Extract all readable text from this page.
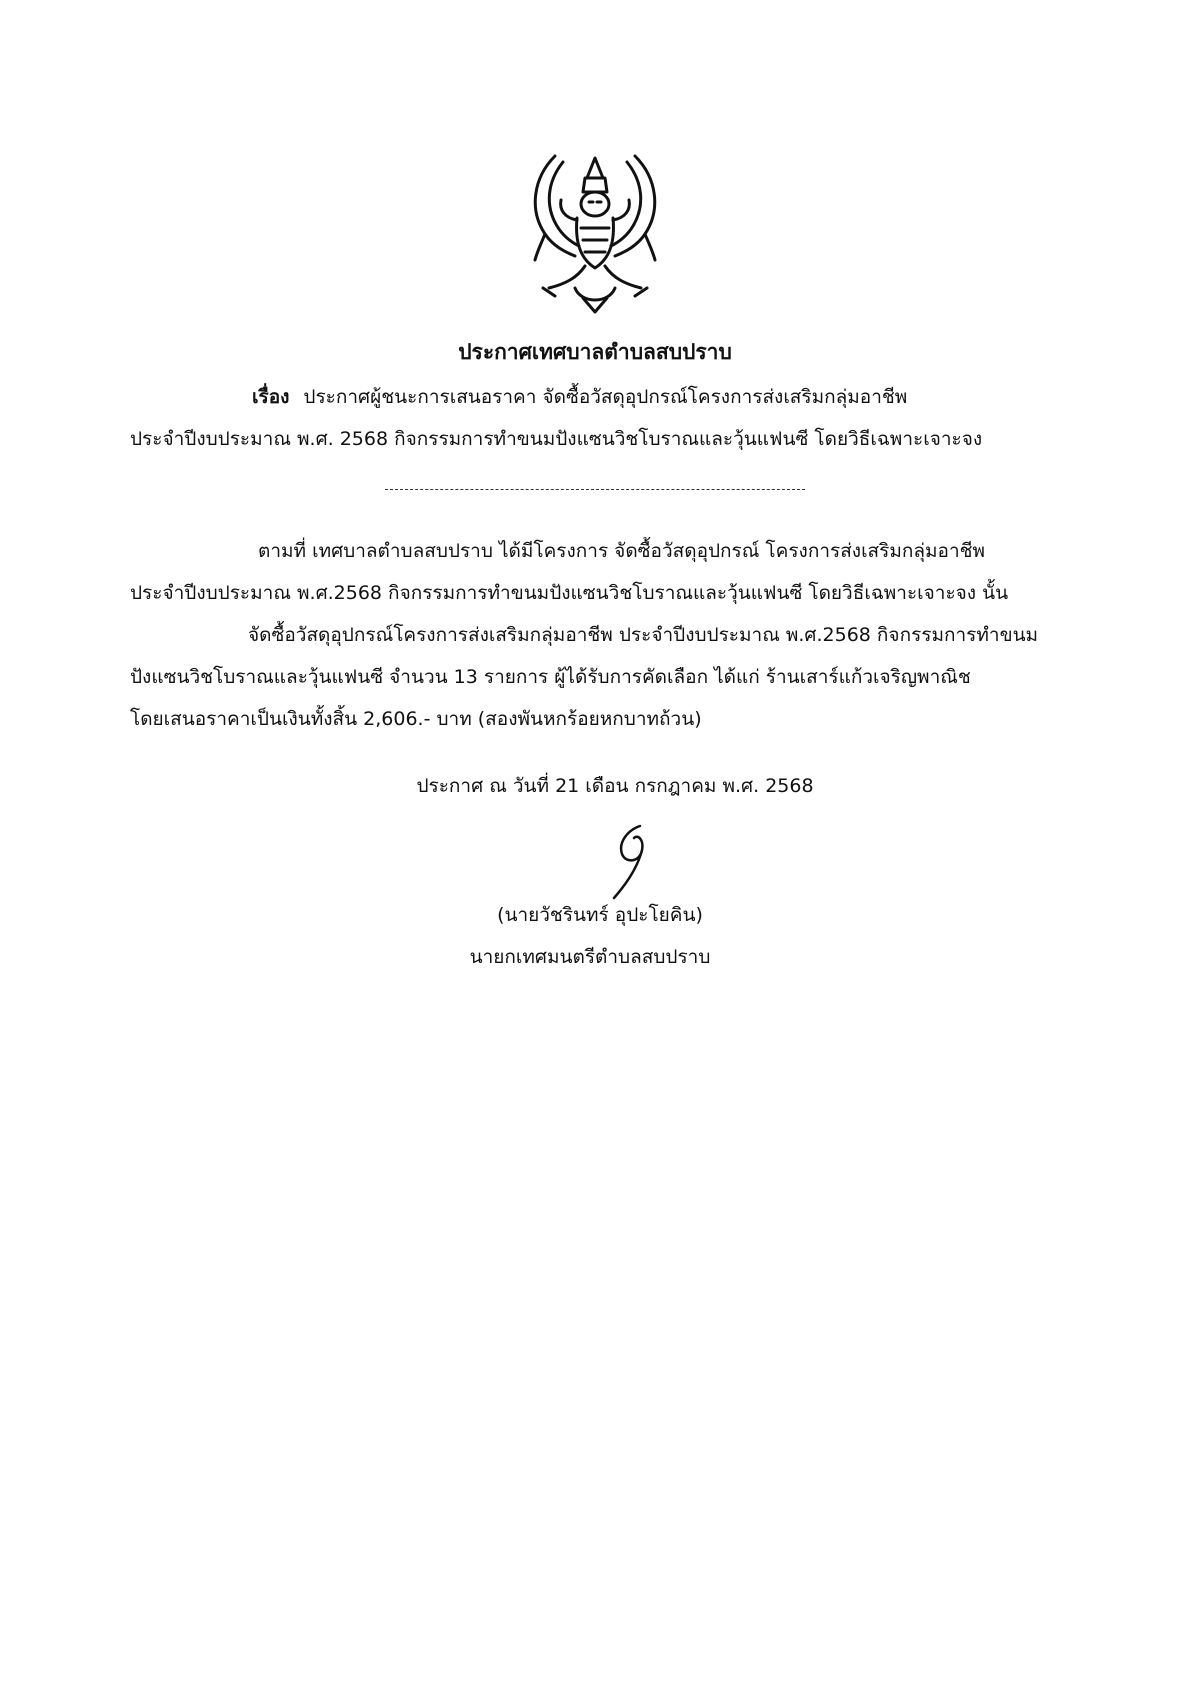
ประกาศเทศบาลตำบลสบปราบ
เรื่อง ประกาศผู้ชนะการเสนอราคา จัดซื้อวัสดุอุปกรณ์โครงการส่งเสริมกลุ่มอาชีพ
ประจำปีงบประมาณ พ.ศ. 2568 กิจกรรมการทำขนมปังแซนวิชโบราณและวุ้นแฟนซี โดยวิธีเฉพาะเจาะจง
ตามที่ เทศบาลตำบลสบปราบ ได้มีโครงการ จัดซื้อวัสดุอุปกรณ์ โครงการส่งเสริมกลุ่มอาชีพ
ประจำปีงบประมาณ พ.ศ.2568 กิจกรรมการทำขนมปังแซนวิชโบราณและวุ้นแฟนซี โดยวิธีเฉพาะเจาะจง นั้น
จัดซื้อวัสดุอุปกรณ์โครงการส่งเสริมกลุ่มอาชีพ ประจำปีงบประมาณ พ.ศ.2568 กิจกรรมการทำขนม
ปังแซนวิชโบราณและวุ้นแฟนซี จำนวน 13 รายการ ผู้ได้รับการคัดเลือก ได้แก่ ร้านเสาร์แก้วเจริญพาณิช
โดยเสนอราคาเป็นเงินทั้งสิ้น 2,606.- บาท (สองพันหกร้อยหกบาทถ้วน)
ประกาศ ณ วันที่ 21 เดือน กรกฎาคม พ.ศ. 2568
(นายวัชรินทร์ อุปะโยคิน)
นายกเทศมนตรีตำบลสบปราบ
